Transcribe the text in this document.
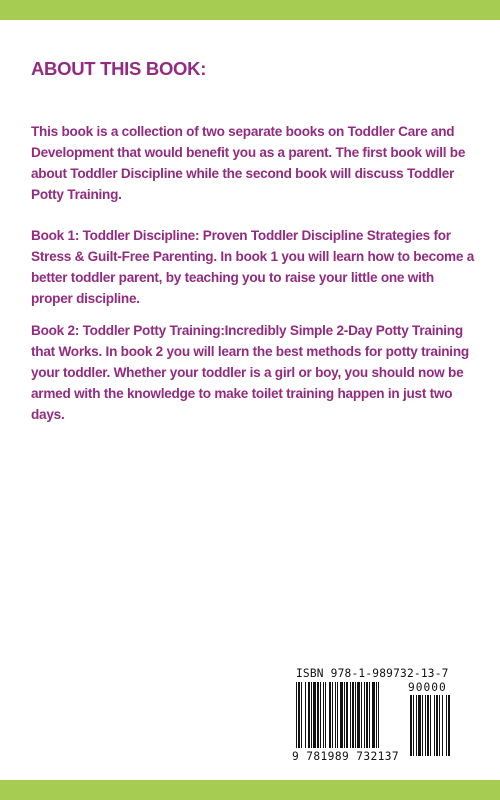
ABOUT THIS BOOK:

This book is a collection of two separate books on Toddler Care and Development that would benefit you as a parent. The first book will be about Toddler Discipline while the second book will discuss Toddler Potty Training.

Book 1: Toddler Discipline: Proven Toddler Discipline Strategies for Stress & Guilt-Free Parenting. In book 1 you will learn how to become a better toddler parent, by teaching you to raise your little one with proper discipline.

Book 2: Toddler Potty Training:Incredibly Simple 2-Day Potty Training that Works. In book 2 you will learn the best methods for potty training your toddler. Whether your toddler is a girl or boy, you should now be armed with the knowledge to make toilet training happen in just two days.

ISBN 978-1-989732-13-7
90000
9 781989 732137
